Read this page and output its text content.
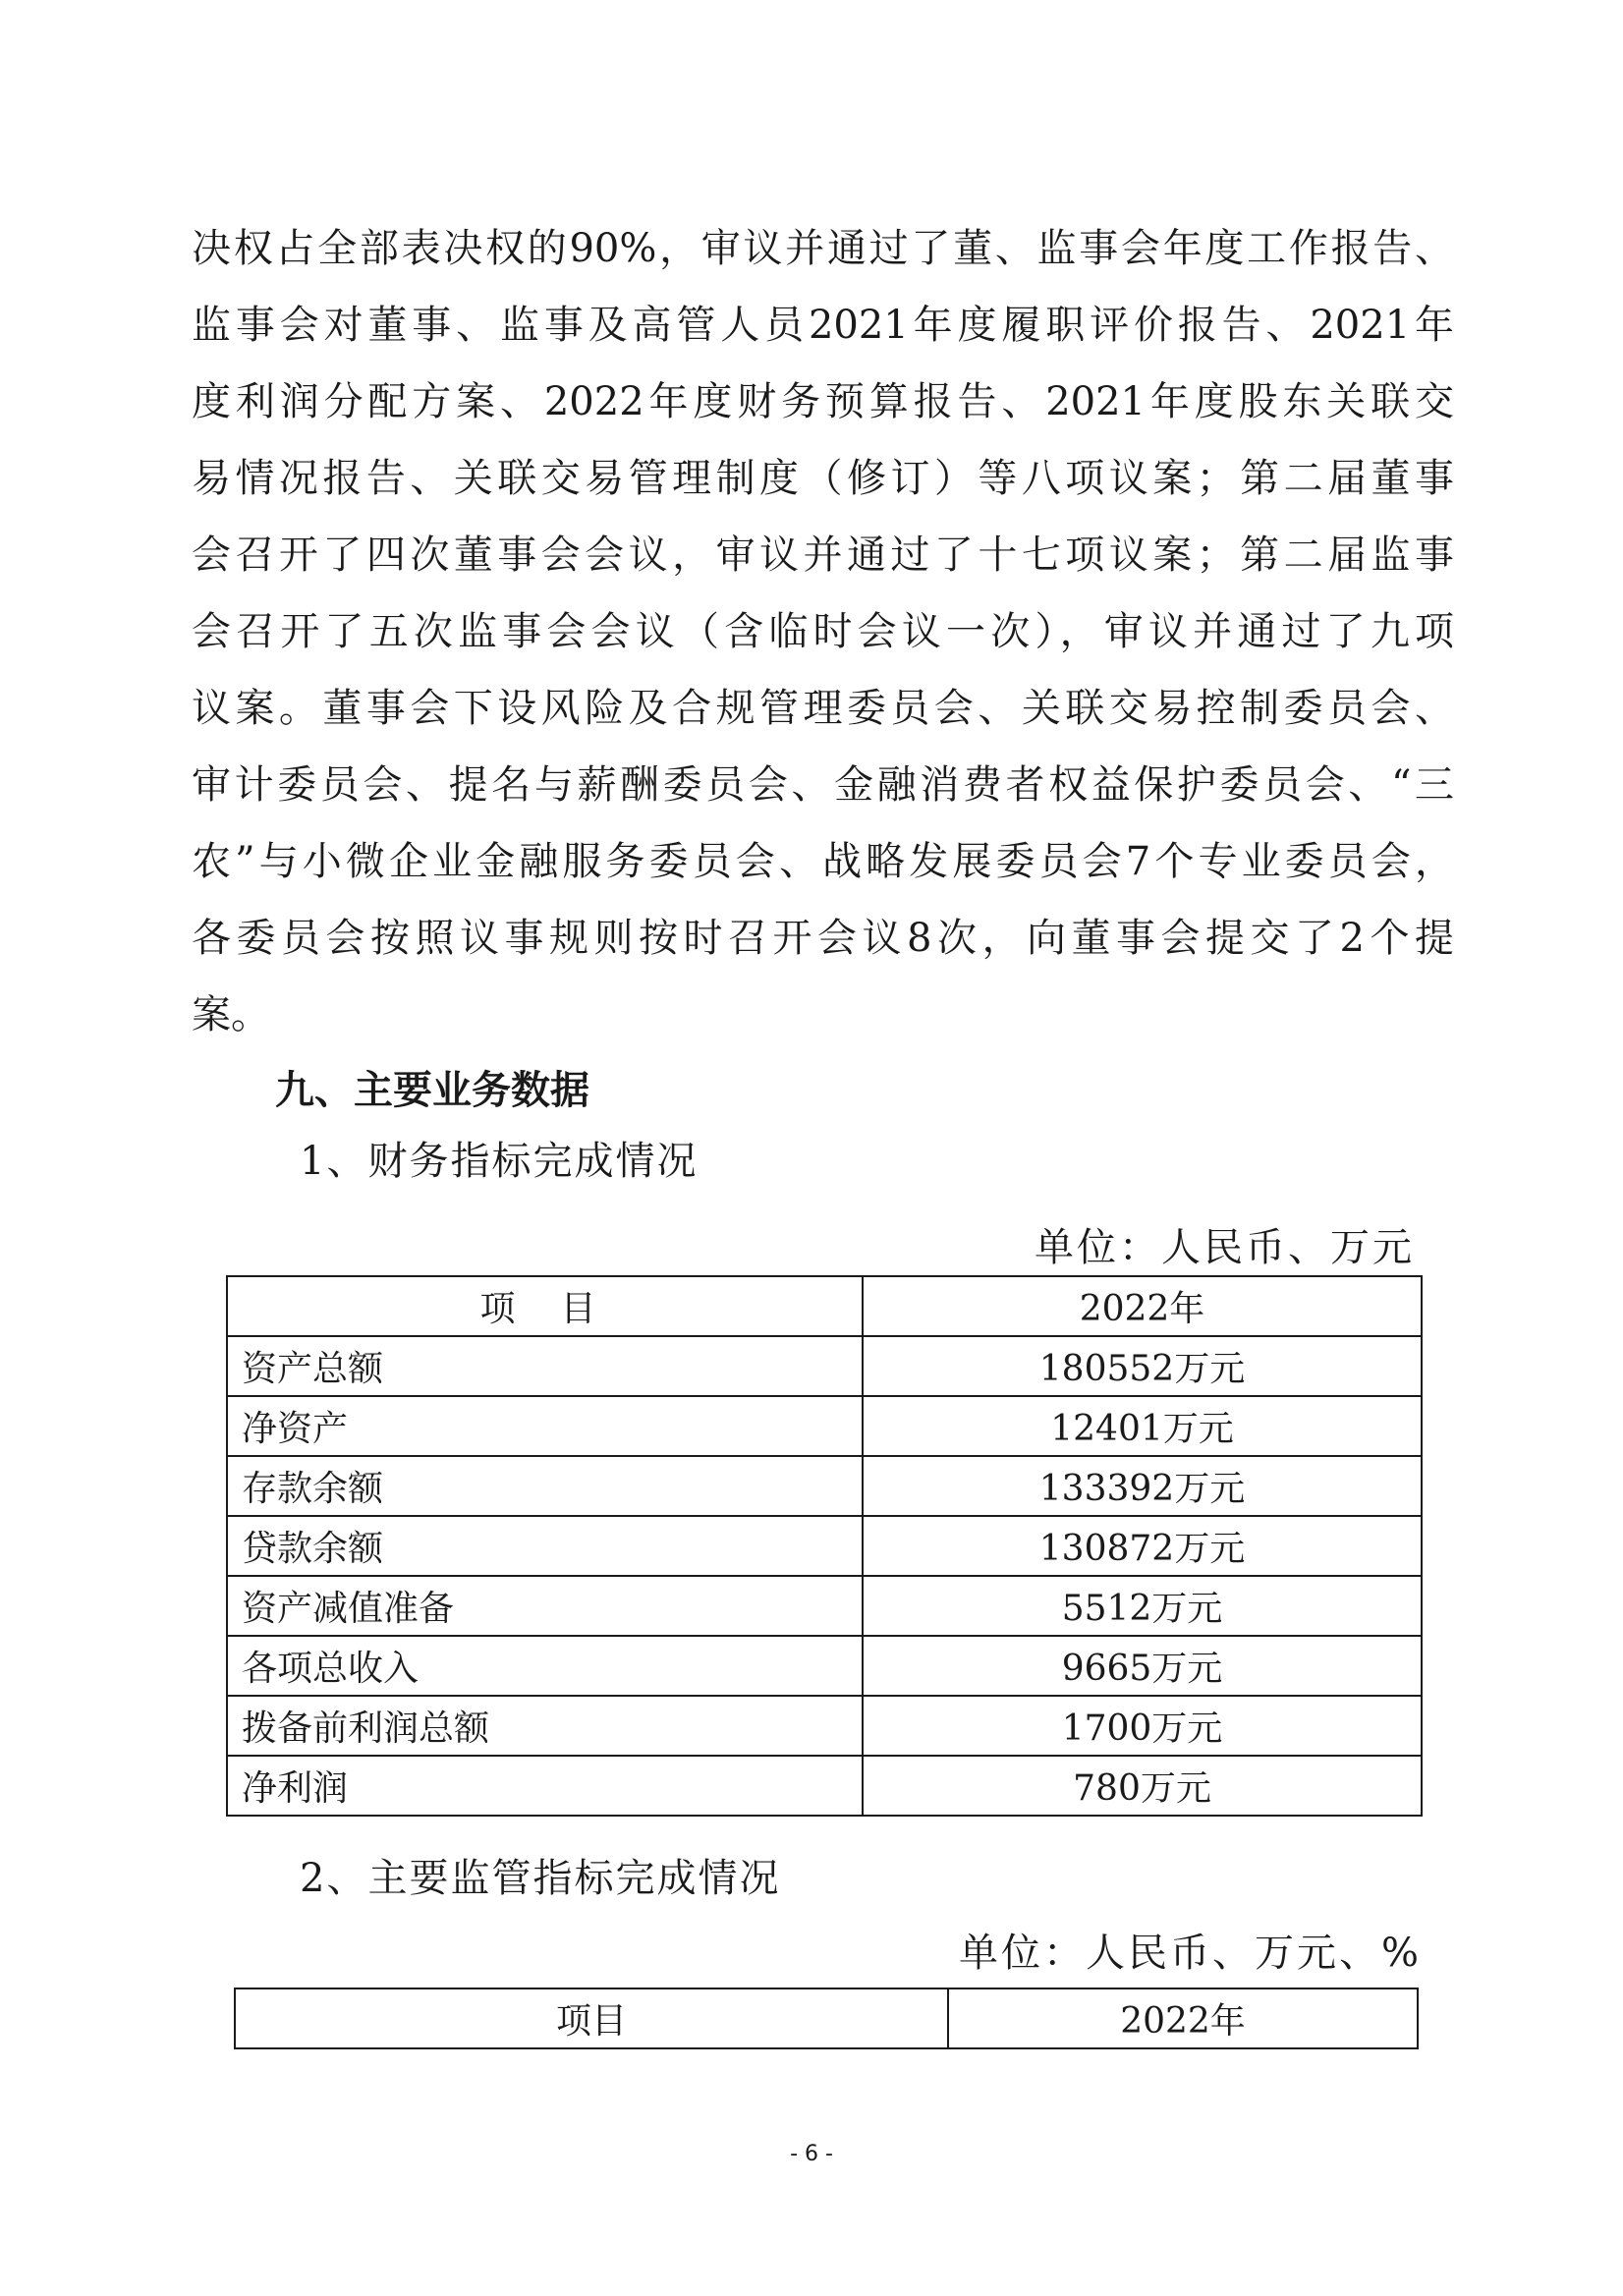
决权占全部表决权的90%，审议并通过了董、监事会年度工作报告、
监事会对董事、监事及高管人员2021年度履职评价报告、2021年
度利润分配方案、2022年度财务预算报告、2021年度股东关联交
易情况报告、关联交易管理制度（修订）等八项议案；第二届董事
会召开了四次董事会会议，审议并通过了十七项议案；第二届监事
会召开了五次监事会会议（含临时会议一次），审议并通过了九项
议案。董事会下设风险及合规管理委员会、关联交易控制委员会、
审计委员会、提名与薪酬委员会、金融消费者权益保护委员会、“三
农”与小微企业金融服务委员会、战略发展委员会7个专业委员会，
各委员会按照议事规则按时召开会议8次，向董事会提交了2个提
案。
九、主要业务数据

1、财务指标完成情况

单位：人民币、万元

项目	2022年
资产总额	180552万元
净资产	12401万元
存款余额	133392万元
贷款余额	130872万元
资产减值准备	5512万元
各项总收入	9665万元
拨备前利润总额	1700万元
净利润	780万元

2、主要监管指标完成情况

单位：人民币、万元、%

项目	2022年

- 6 -
